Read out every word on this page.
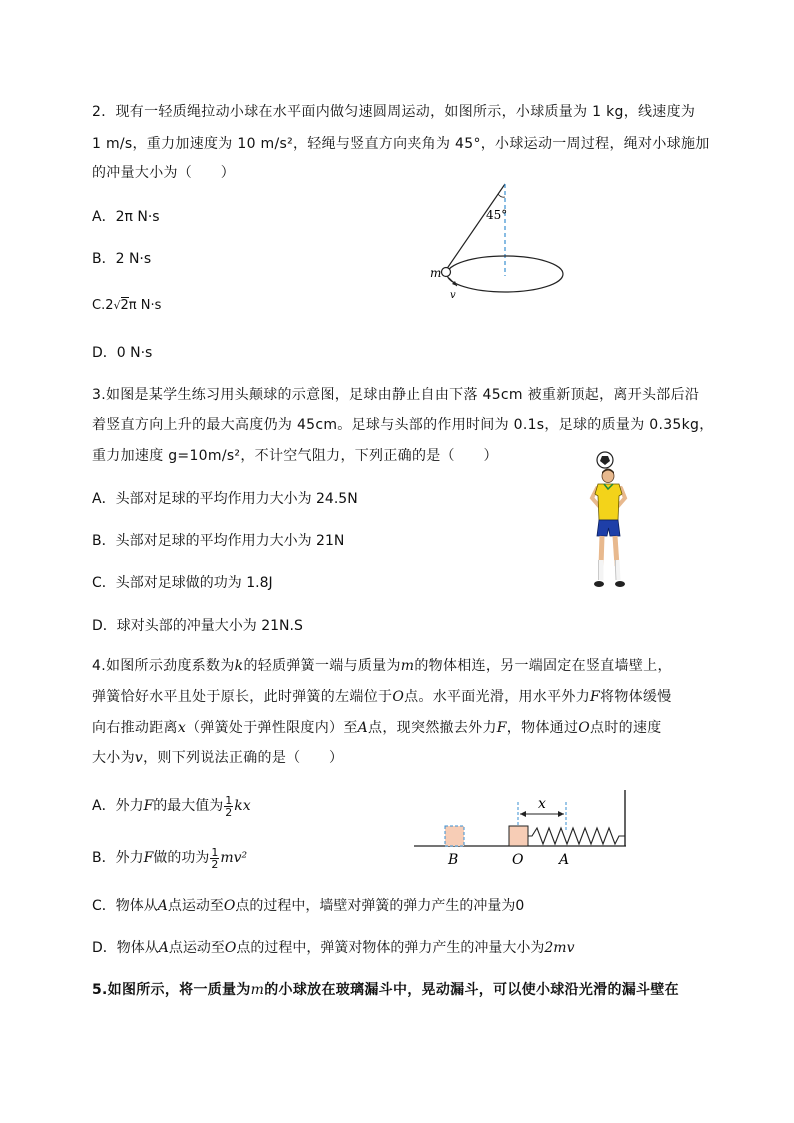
2．现有一轻质绳拉动小球在水平面内做匀速圆周运动，如图所示，小球质量为 1 kg，线速度为
1 m/s，重力加速度为 10 m/s²，轻绳与竖直方向夹角为 45°，小球运动一周过程，绳对小球施加
的冲量大小为（　　）
A．2π N·s
B．2 N·s
C.2√2π N·s
D．0 N·s
45°
m
v
3.如图是某学生练习用头颠球的示意图，足球由静止自由下落 45cm 被重新顶起，离开头部后沿
着竖直方向上升的最大高度仍为 45cm。足球与头部的作用时间为 0.1s，足球的质量为 0.35kg，
重力加速度 g=10m/s²，不计空气阻力，下列正确的是（　　）
A．头部对足球的平均作用力大小为 24.5N
B．头部对足球的平均作用力大小为 21N
C．头部对足球做的功为 1.8J
D．球对头部的冲量大小为 21N.S
4.如图所示劲度系数为k的轻质弹簧一端与质量为m的物体相连，另一端固定在竖直墙壁上，
弹簧恰好水平且处于原长，此时弹簧的左端位于O点。水平面光滑，用水平外力F将物体缓慢
向右推动距离x（弹簧处于弹性限度内）至A点，现突然撤去外力F，物体通过O点时的速度
大小为v，则下列说法正确的是（　　）
A．外力F的最大值为 $\frac{1}{2}$ kx
B．外力F做的功为 $\frac{1}{2} mv^2$
C．物体从A点运动至O点的过程中，墙壁对弹簧的弹力产生的冲量为0
D．物体从A点运动至O点的过程中，弹簧对物体的弹力产生的冲量大小为2mv
x
B	O	A
5.如图所示，将一质量为m的小球放在玻璃漏斗中，晃动漏斗，可以使小球沿光滑的漏斗壁在
